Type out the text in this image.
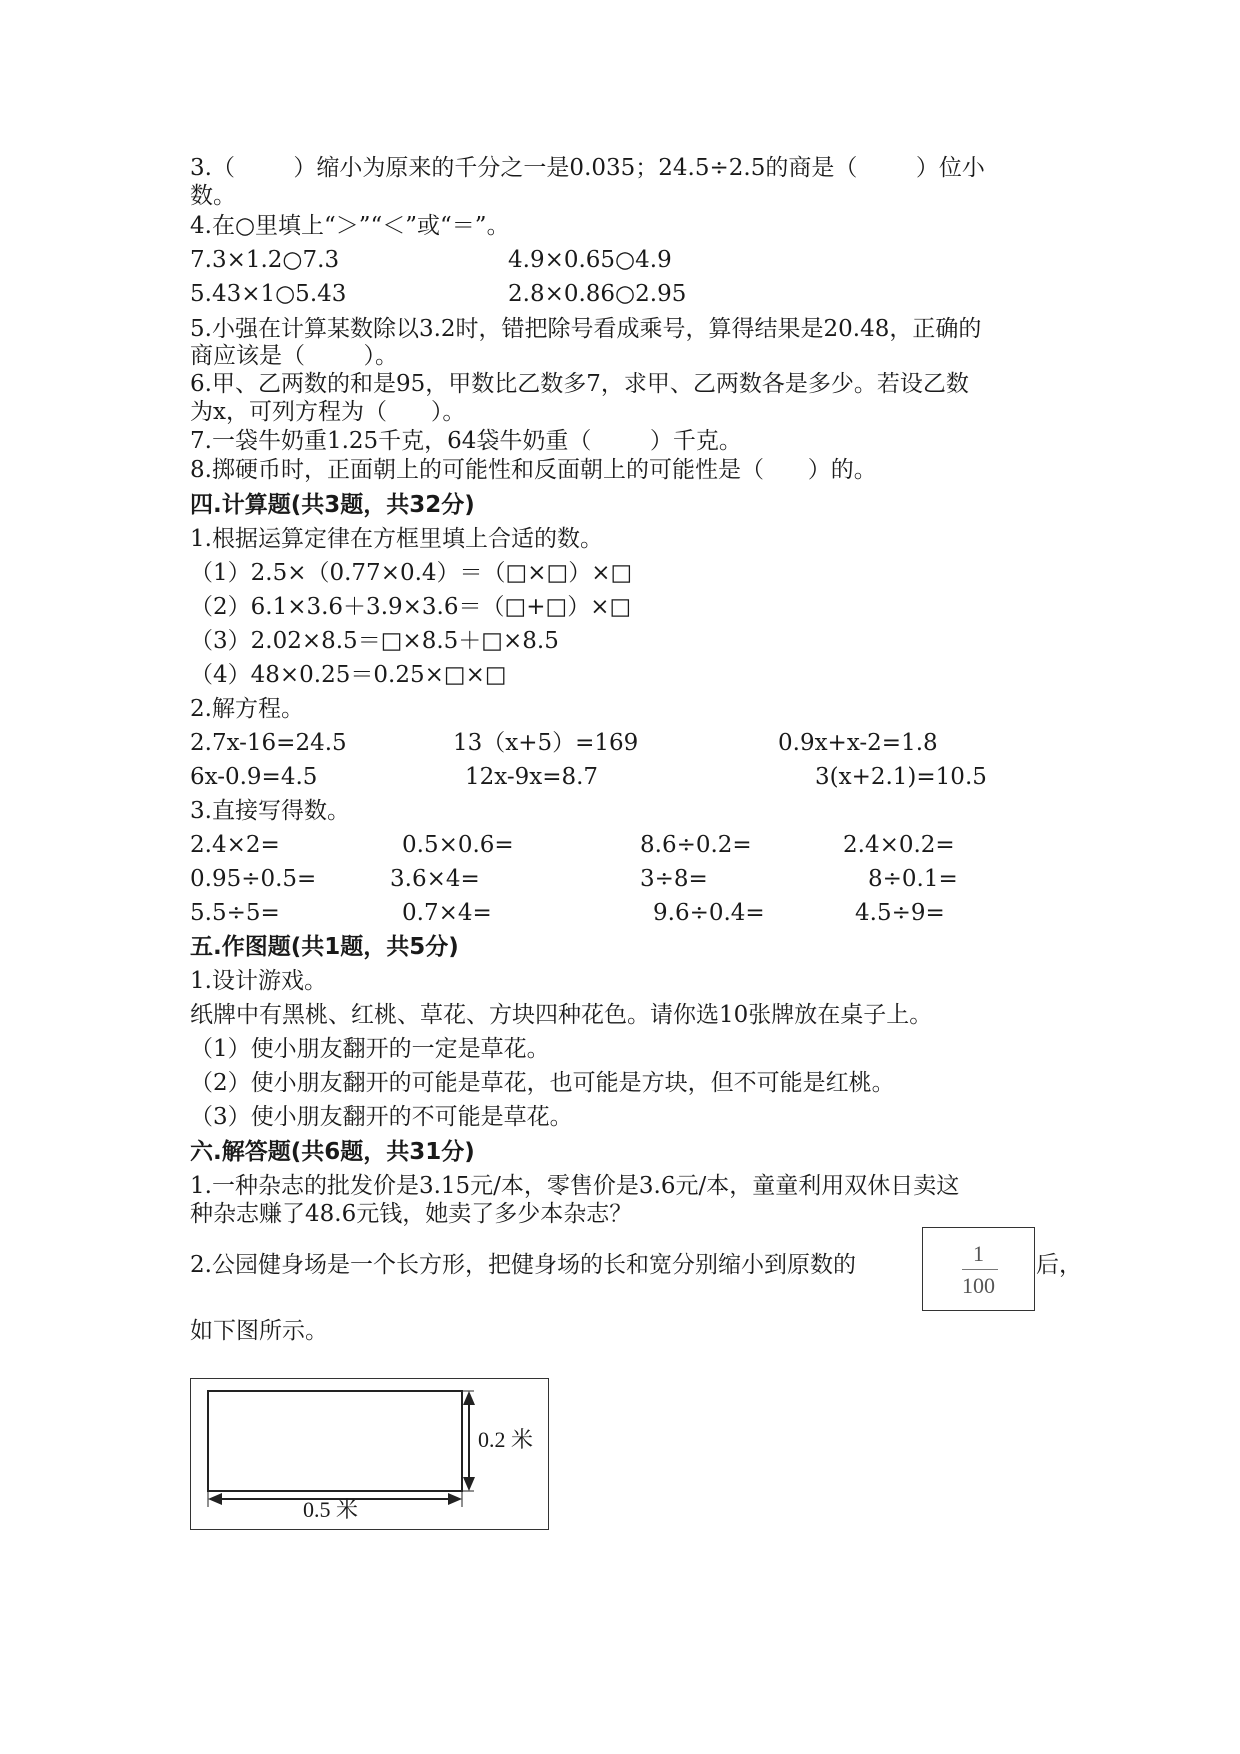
3.（        ）缩小为原来的千分之一是0.035；24.5÷2.5的商是（        ）位小
数。
4.在○里填上“＞”“＜”或“＝”。
7.3×1.2○7.3	4.9×0.65○4.9
5.43×1○5.43	2.8×0.86○2.95
5.小强在计算某数除以3.2时，错把除号看成乘号，算得结果是20.48，正确的
商应该是（        ）。
6.甲、乙两数的和是95，甲数比乙数多7，求甲、乙两数各是多少。若设乙数
为x，可列方程为（      ）。
7.一袋牛奶重1.25千克，64袋牛奶重（        ）千克。
8.掷硬币时，正面朝上的可能性和反面朝上的可能性是（      ）的。
四.计算题(共3题，共32分)
1.根据运算定律在方框里填上合适的数。
（1）2.5×（0.77×0.4）＝（□×□）×□
（2）6.1×3.6＋3.9×3.6＝（□+□）×□
（3）2.02×8.5＝□×8.5＋□×8.5
（4）48×0.25＝0.25×□×□
2.解方程。
2.7x-16=24.5	13（x+5）=169	0.9x+x-2=1.8
6x-0.9=4.5	12x-9x=8.7	3(x+2.1)=10.5
3.直接写得数。
2.4×2=	0.5×0.6=	8.6÷0.2=	2.4×0.2=
0.95÷0.5=	3.6×4=	3÷8=	8÷0.1=
5.5÷5=	0.7×4=	9.6÷0.4=	4.5÷9=
五.作图题(共1题，共5分)
1.设计游戏。
纸牌中有黑桃、红桃、草花、方块四种花色。请你选10张牌放在桌子上。
（1）使小朋友翻开的一定是草花。
（2）使小朋友翻开的可能是草花，也可能是方块，但不可能是红桃。
（3）使小朋友翻开的不可能是草花。
六.解答题(共6题，共31分)
1.一种杂志的批发价是3.15元/本，零售价是3.6元/本，童童利用双休日卖这
种杂志赚了48.6元钱，她卖了多少本杂志？
2.公园健身场是一个长方形，把健身场的长和宽分别缩小到原数的	1
100
后，
如下图所示。
0.2 米
0.5 米
